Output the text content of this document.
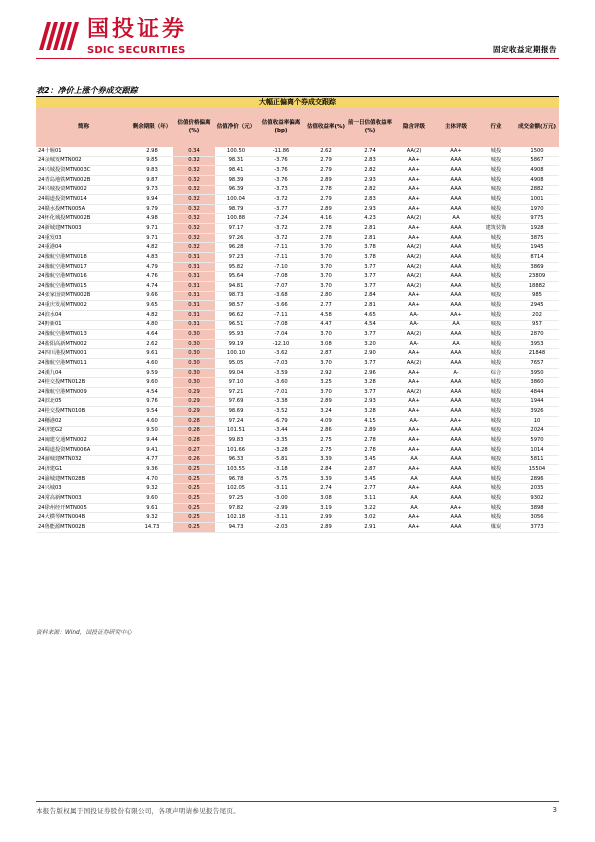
国投证券
SDIC SECURITIES	固定收益定期报告
表2：净价上涨个券成交跟踪
大幅正偏离个券成交跟踪										
简称	剩余期限（年）	估值价格偏离(%)	估值净价（元）	估值收益率偏离(bp)	估值收益率(%)	前一日估值收益率(%)	隐含评级	主体评级	行业	成交金额(万元)
24十堰01	2.98	0.34	100.50	-11.86	2.62	2.74	AA(2)	AA+	城投	1500
24余城发MTN002	9.85	0.32	98.31	-3.76	2.79	2.83	AA+	AAA	城投	5867
24兴城投资MTN003C	9.83	0.32	98.41	-3.76	2.79	2.82	AA+	AAA	城投	4908
24青岛地铁MTN002B	9.87	0.32	98.39	-3.76	2.89	2.93	AA+	AAA	城投	4908
24兴城投资MTN002	9.73	0.32	96.39	-3.73	2.78	2.82	AA+	AAA	城投	2882
24蜀道投资MTN014	9.94	0.32	100.04	-3.72	2.79	2.83	AA+	AAA	城投	1001
24赣水投MTN005A	9.79	0.32	98.79	-3.77	2.89	2.93	AA+	AAA	城投	1970
24怀化城投MTN002B	4.98	0.32	100.88	-7.24	4.16	4.23	AA(2)	AA	城投	9775
24浙城建MTN003	9.71	0.32	97.17	-3.72	2.78	2.81	AA+	AAA	建筑装饰	1928
24重发03	9.71	0.32	97.26	-3.72	2.78	2.81	AA+	AAA	城投	3875
24重港04	4.82	0.32	96.28	-7.11	3.70	3.78	AA(2)	AAA	城投	1945
24豫航空港MTN018	4.83	0.31	97.23	-7.11	3.70	3.78	AA(2)	AAA	城投	8714
24豫航空港MTN017	4.79	0.31	95.82	-7.10	3.70	3.77	AA(2)	AAA	城投	3869
24豫航空港MTN016	4.76	0.31	95.64	-7.08	3.70	3.77	AA(2)	AAA	城投	23809
24豫航空港MTN015	4.74	0.31	94.81	-7.07	3.70	3.77	AA(2)	AAA	城投	18882
24张家国资MTN002B	9.66	0.31	98.73	-3.68	2.80	2.84	AA+	AAA	城投	985
24重庆发展MTN002	9.65	0.31	98.57	-3.66	2.77	2.81	AA+	AAA	城投	2945
24滨水04	4.82	0.31	96.62	-7.11	4.58	4.65	AA-	AA+	城投	202
24黔新01	4.80	0.31	96.51	-7.08	4.47	4.54	AA-	AA	城投	957
24豫航空港MTN013	4.64	0.30	95.93	-7.04	3.70	3.77	AA(2)	AAA	城投	2870
24盐阳高新MTN002	2.62	0.30	99.19	-12.10	3.08	3.20	AA-	AA	城投	3953
24四川港投MTN001	9.61	0.30	100.10	-3.62	2.87	2.90	AA+	AAA	城投	21848
24豫航空港MTN011	4.60	0.30	95.05	-7.03	3.70	3.77	AA(2)	AAA	城投	7657
24漢九04	9.59	0.30	99.04	-3.59	2.92	2.96	AA+	A-	综合	3950
24桂交投MTN012B	9.60	0.30	97.10	-3.60	3.25	3.28	AA+	AAA	城投	3860
24豫航空港MTN009	4.54	0.29	97.21	-7.01	3.70	3.77	AA(2)	AAA	城投	4844
24滨北05	9.76	0.29	97.69	-3.38	2.89	2.93	AA+	AAA	城投	1944
24桂交投MTN010B	9.54	0.29	98.69	-3.52	3.24	3.28	AA+	AAA	城投	3926
24穗港02	4.60	0.28	97.24	-6.79	4.09	4.15	AA-	AA+	城投	10
24济建G2	9.50	0.28	101.51	-3.44	2.86	2.89	AA+	AAA	城投	2024
24闽建交通MTN002	9.44	0.28	99.83	-3.35	2.75	2.78	AA+	AAA	城投	5970
24蜀道投资MTN006A	9.41	0.27	101.66	-3.28	2.75	2.78	AA+	AAA	城投	1014
24渝城建MTN032	4.77	0.26	96.33	-5.81	3.39	3.45	AA	AAA	城投	5811
24济建G1	9.36	0.25	103.55	-3.18	2.84	2.87	AA+	AAA	城投	15504
24渝城建MTN028B	4.70	0.25	96.78	-5.75	3.39	3.45	AA	AAA	城投	2896
24兴城03	9.32	0.25	102.05	-3.11	2.74	2.77	AA+	AAA	城投	2035
24常高新MTN003	9.60	0.25	97.25	-3.00	3.08	3.11	AA	AAA	城投	9302
24徐州经开MTN005	9.61	0.25	97.82	-2.99	3.19	3.22	AA	AA+	城投	3898
24大横琴MTN004B	9.32	0.25	102.18	-3.11	2.99	3.02	AA+	AAA	城投	3056
24鲁能源MTN002B	14.73	0.25	94.73	-2.03	2.89	2.91	AA+	AAA	煤炭	3773
资料来源：Wind，国投证券研究中心
本报告版权属于国投证券股份有限公司，各项声明请参见报告尾页。	3
